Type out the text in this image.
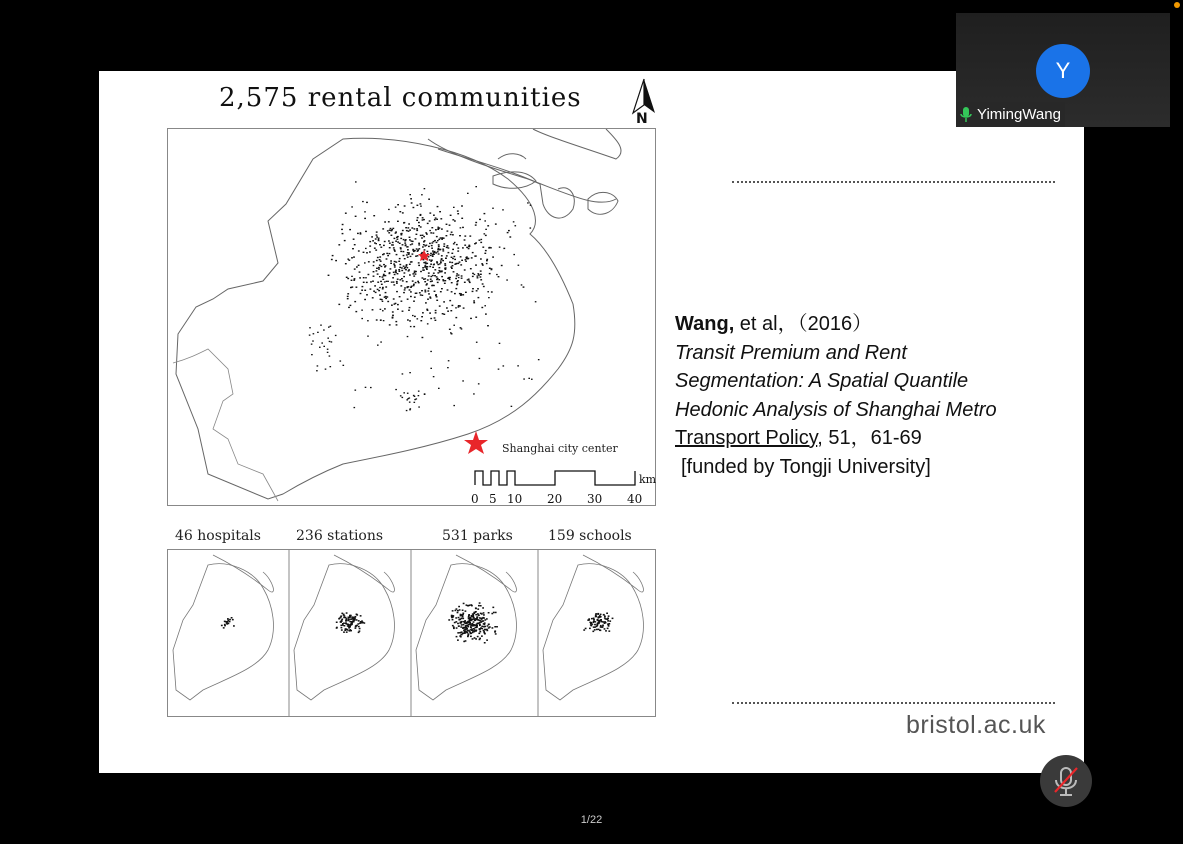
2,575 rental communities
N
Shanghai city center
km
0 5 10 20 30 40
46 hospitals	236 stations	531 parks	159 schools
Wang, et al，（2016）
Transit Premium and Rent
Segmentation: A Spatial Quantile
Hedonic Analysis of Shanghai Metro
Transport Policy, 51，61-69
[funded by Tongji University]
bristol.ac.uk
Y
YimingWang
1/22
